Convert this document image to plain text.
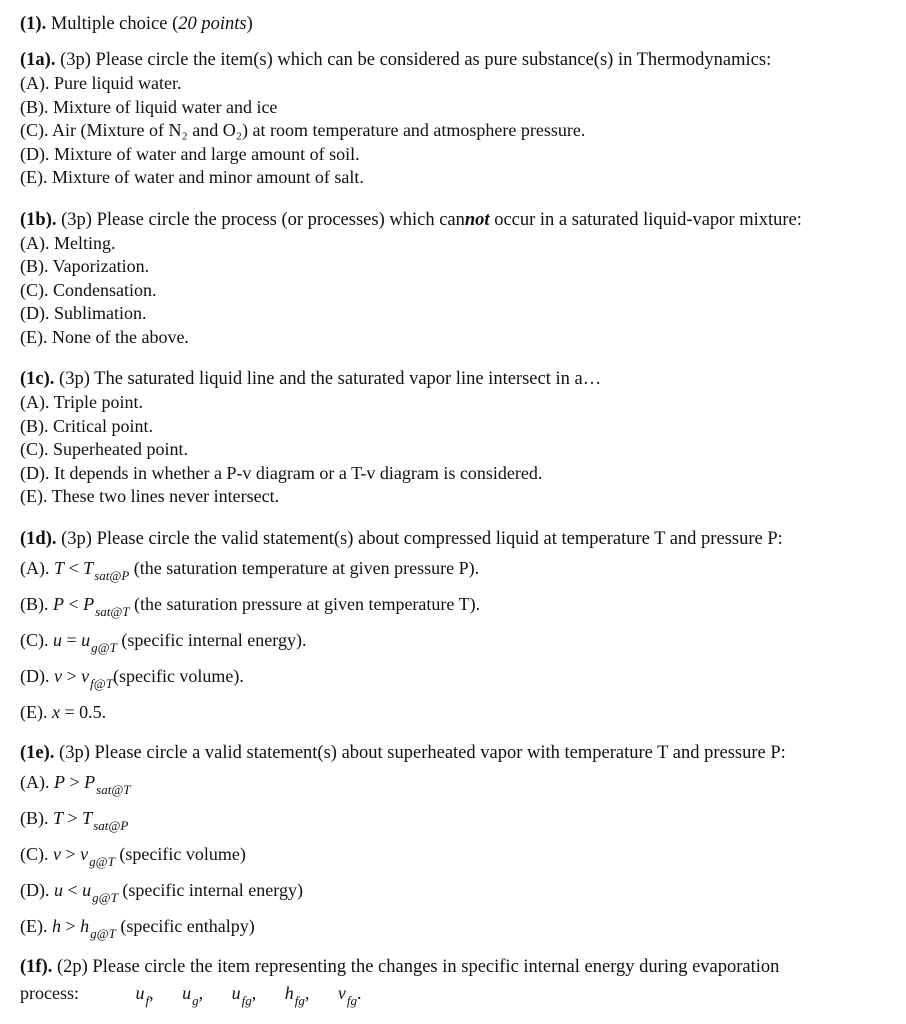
(1). Multiple choice (20 points)
(1a). (3p) Please circle the item(s) which can be considered as pure substance(s) in Thermodynamics:
(A). Pure liquid water.
(B). Mixture of liquid water and ice
(C). Air (Mixture of N₂ and O₂) at room temperature and atmosphere pressure.
(D). Mixture of water and large amount of soil.
(E). Mixture of water and minor amount of salt.
(1b). (3p) Please circle the process (or processes) which cannot occur in a saturated liquid-vapor mixture:
(A). Melting.
(B). Vaporization.
(C). Condensation.
(D). Sublimation.
(E). None of the above.
(1c). (3p) The saturated liquid line and the saturated vapor line intersect in a…
(A). Triple point.
(B). Critical point.
(C). Superheated point.
(D). It depends in whether a P-v diagram or a T-v diagram is considered.
(E). These two lines never intersect.
(1d). (3p) Please circle the valid statement(s) about compressed liquid at temperature T and pressure P:
(A). $T < T_{sat@P}$ (the saturation temperature at given pressure P).
(B). $P < P_{sat@T}$ (the saturation pressure at given temperature T).
(C). $u = u_{g@T}$ (specific internal energy).
(D). $v > v_{f@T}(specific$ volume).
(E). x = 0.5.
(1e). (3p) Please circle a valid statement(s) about superheated vapor with temperature T and pressure P:
(A). $P > P_{sat@T}$
(B). $T > T_{sat@P}$
(C). $v > v_{g@T}$ (specific volume)
(D). $u < u_{g@T}$ (specific internal energy)
(E). $h > h_{g@T}$ (specific enthalpy)
(1f). (2p) Please circle the item representing the changes in specific internal energy during evaporation
process:	$u_f$, $u_g$, $u_{fg}$, $h_{fg}$, $v_{fg}$.
